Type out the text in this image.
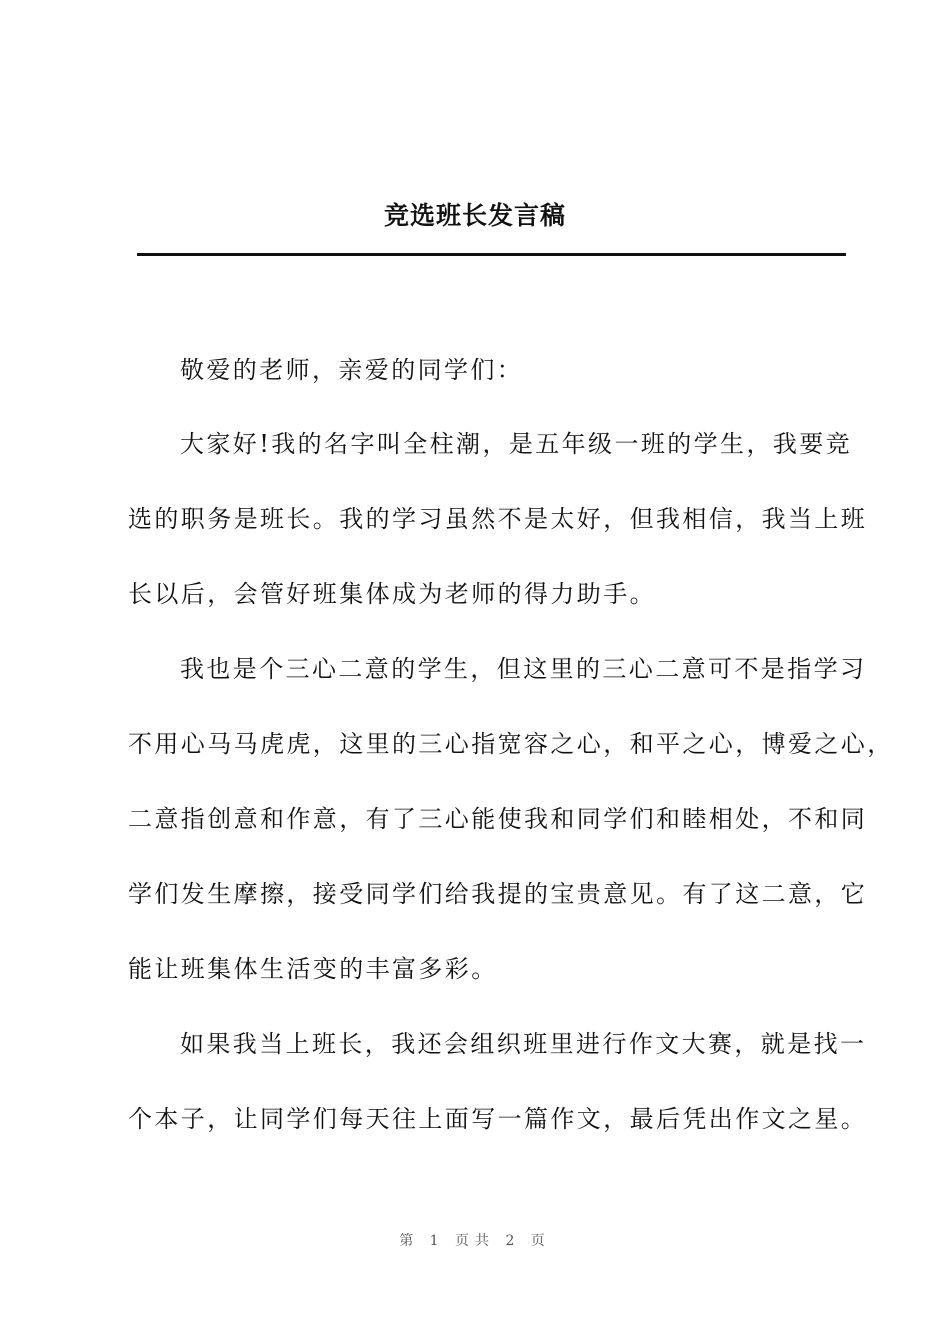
竞选班长发言稿
敬爱的老师，亲爱的同学们：
大家好!我的名字叫全柱潮，是五年级一班的学生，我要竞
选的职务是班长。我的学习虽然不是太好，但我相信，我当上班
长以后，会管好班集体成为老师的得力助手。
我也是个三心二意的学生，但这里的三心二意可不是指学习
不用心马马虎虎，这里的三心指宽容之心，和平之心，博爱之心，
二意指创意和作意，有了三心能使我和同学们和睦相处，不和同
学们发生摩擦，接受同学们给我提的宝贵意见。有了这二意，它
能让班集体生活变的丰富多彩。
如果我当上班长，我还会组织班里进行作文大赛，就是找一
个本子，让同学们每天往上面写一篇作文，最后凭出作文之星。
第 1 页共 2 页
